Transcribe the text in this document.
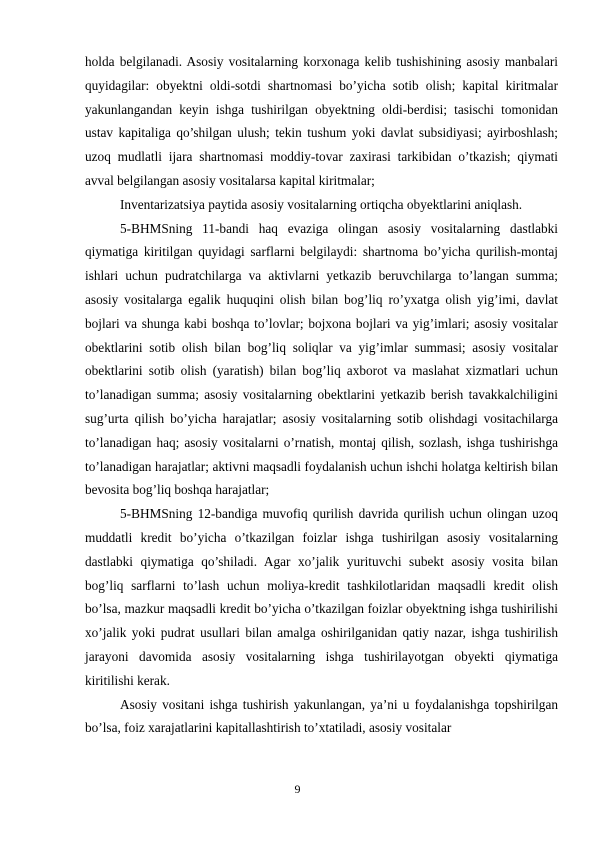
holda belgilanadi. Asosiy vositalarning korxonaga kelib tushishining asosiy manbalari quyidagilar: obyektni oldi-sotdi shartnomasi bo’yicha sotib olish; kapital kiritmalar yakunlangandan keyin ishga tushirilgan obyektning oldi-berdisi; tasischi tomonidan ustav kapitaliga qo’shilgan ulush; tekin tushum yoki davlat subsidiyasi; ayirboshlash; uzoq mudlatli ijara shartnomasi moddiy-tovar zaxirasi tarkibidan o’tkazish; qiymati avval belgilangan asosiy vositalarsa kapital kiritmalar;

Inventarizatsiya paytida asosiy vositalarning ortiqcha obyektlarini aniqlash.

5-BHMSning 11-bandi haq evaziga olingan asosiy vositalarning dastlabki qiymatiga kiritilgan quyidagi sarflarni belgilaydi: shartnoma bo’yicha qurilish-montaj ishlari uchun pudratchilarga va aktivlarni yetkazib beruvchilarga to’langan summa; asosiy vositalarga egalik huquqini olish bilan bog’liq ro’yxatga olish yig’imi, davlat bojlari va shunga kabi boshqa to’lovlar; bojxona bojlari va yig’imlari; asosiy vositalar obektlarini sotib olish bilan bog’liq soliqlar va yig’imlar summasi; asosiy vositalar obektlarini sotib olish (yaratish) bilan bog’liq axborot va maslahat xizmatlari uchun to’lanadigan summa; asosiy vositalarning obektlarini yetkazib berish tavakkalchiligini sug’urta qilish bo’yicha harajatlar; asosiy vositalarning sotib olishdagi vositachilarga to’lanadigan haq; asosiy vositalarni o’rnatish, montaj qilish, sozlash, ishga tushirishga to’lanadigan harajatlar; aktivni maqsadli foydalanish uchun ishchi holatga keltirish bilan bevosita bog’liq boshqa harajatlar;

5-BHMSning 12-bandiga muvofiq qurilish davrida qurilish uchun olingan uzoq muddatli kredit bo’yicha o’tkazilgan foizlar ishga tushirilgan asosiy vositalarning dastlabki qiymatiga qo’shiladi. Agar xo’jalik yurituvchi subekt asosiy vosita bilan bog’liq sarflarni to’lash uchun moliya-kredit tashkilotlaridan maqsadli kredit olish bo’lsa, mazkur maqsadli kredit bo’yicha o’tkazilgan foizlar obyektning ishga tushirilishi xo’jalik yoki pudrat usullari bilan amalga oshirilganidan qatiy nazar, ishga tushirilish jarayoni davomida asosiy vositalarning ishga tushirilayotgan obyekti qiymatiga kiritilishi kerak.

Asosiy vositani ishga tushirish yakunlangan, ya’ni u foydalanishga topshirilgan bo’lsa, foiz xarajatlarini kapitallashtirish to’xtatiladi, asosiy vositalar

9
